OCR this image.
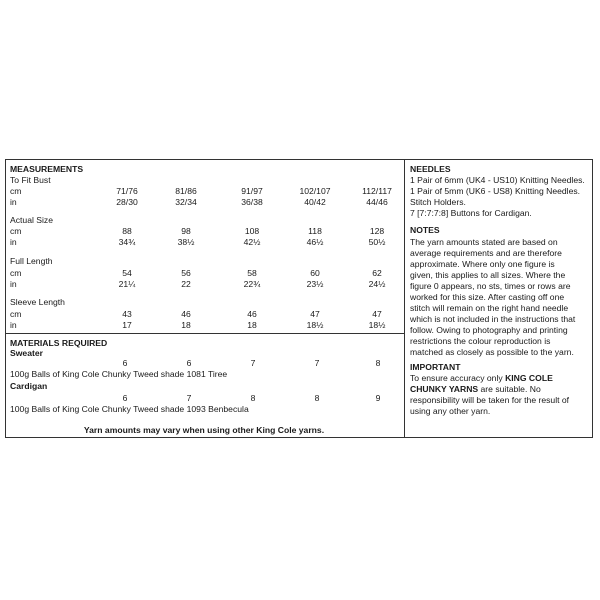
MEASUREMENTS
To Fit Bust
cm	71/76	81/86	91/97	102/107	112/117
in	28/30	32/34	36/38	40/42	44/46
Actual Size
cm	88	98	108	118	128
in	34¾	38½	42½	46½	50½
Full Length
cm	54	56	58	60	62
in	21¼	22	22¾	23½	24½
Sleeve Length
cm	43	46	46	47	47
in	17	18	18	18½	18½
MATERIALS REQUIRED
Sweater
6	6	7	7	8
100g Balls of King Cole Chunky Tweed shade 1081 Tiree
Cardigan
6	7	8	8	9
100g Balls of King Cole Chunky Tweed shade 1093 Benbecula
Yarn amounts may vary when using other King Cole yarns.
NEEDLES
1 Pair of 6mm (UK4 - US10) Knitting Needles.
1 Pair of 5mm (UK6 - US8) Knitting Needles.
Stitch Holders.
7 [7:7:7:8] Buttons for Cardigan.
NOTES
The yarn amounts stated are based on
average requirements and are therefore
approximate. Where only one figure is
given, this applies to all sizes. Where the
figure 0 appears, no sts, times or rows are
worked for this size. After casting off one
stitch will remain on the right hand needle
which is not included in the instructions that
follow. Owing to photography and printing
restrictions the colour reproduction is
matched as closely as possible to the yarn.
IMPORTANT
To ensure accuracy only KING COLE
CHUNKY YARNS are suitable. No
responsibility will be taken for the result of
using any other yarn.
